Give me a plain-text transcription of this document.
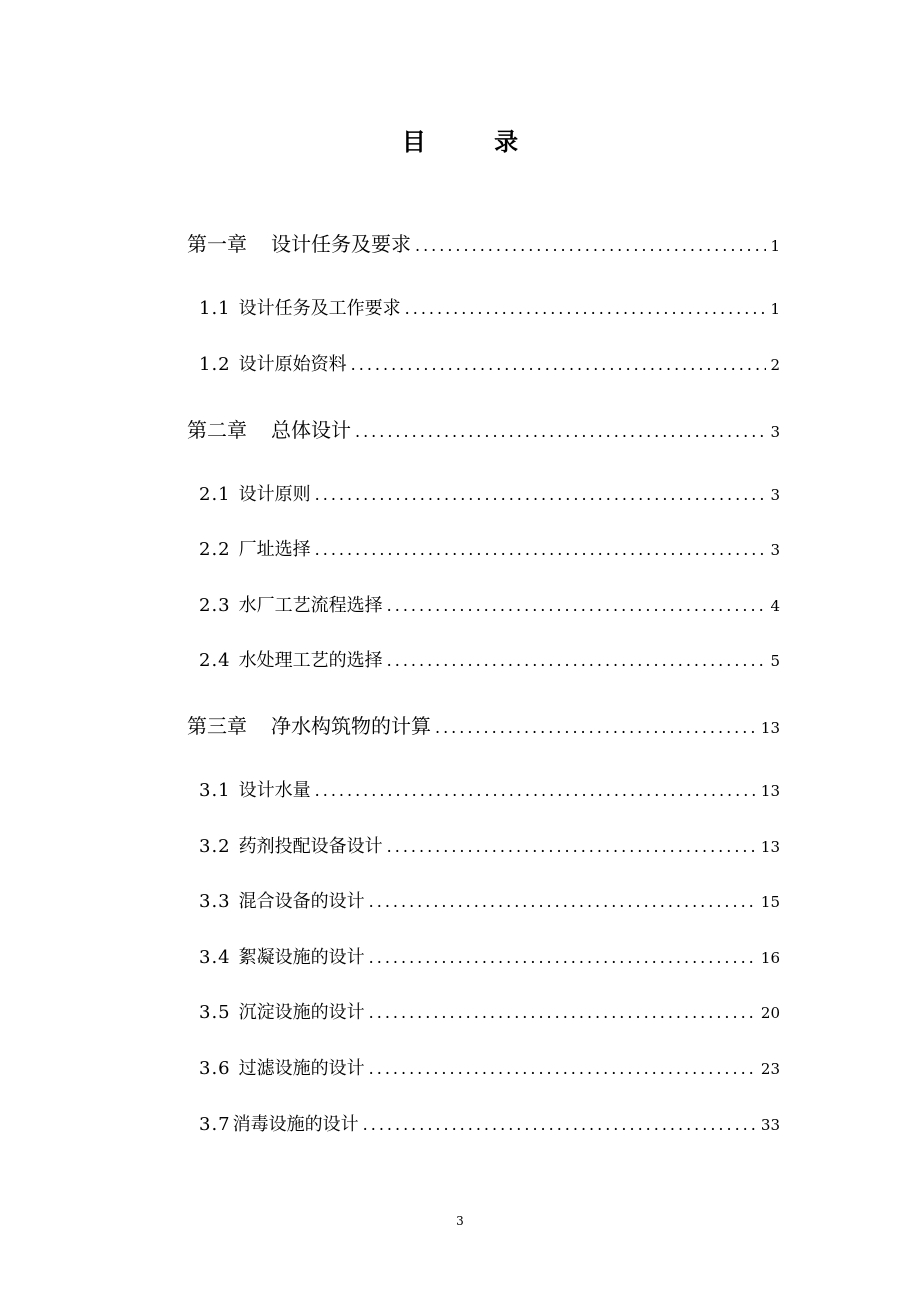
目 录
第一章 设计任务及要求 .....	1
1.1 设计任务及工作要求 .....	1
1.2 设计原始资料 .....	2
第二章 总体设计 .....	3
2.1 设计原则 .....	3
2.2 厂址选择 .....	3
2.3 水厂工艺流程选择 .....	4
2.4 水处理工艺的选择 .....	5
第三章 净水构筑物的计算 .....	13
3.1 设计水量 .....	13
3.2 药剂投配设备设计 .....	13
3.3 混合设备的设计 .....	15
3.4 絮凝设施的设计 .....	16
3.5 沉淀设施的设计 .....	20
3.6 过滤设施的设计 .....	23
3.7 消毒设施的设计 .....	33
3
